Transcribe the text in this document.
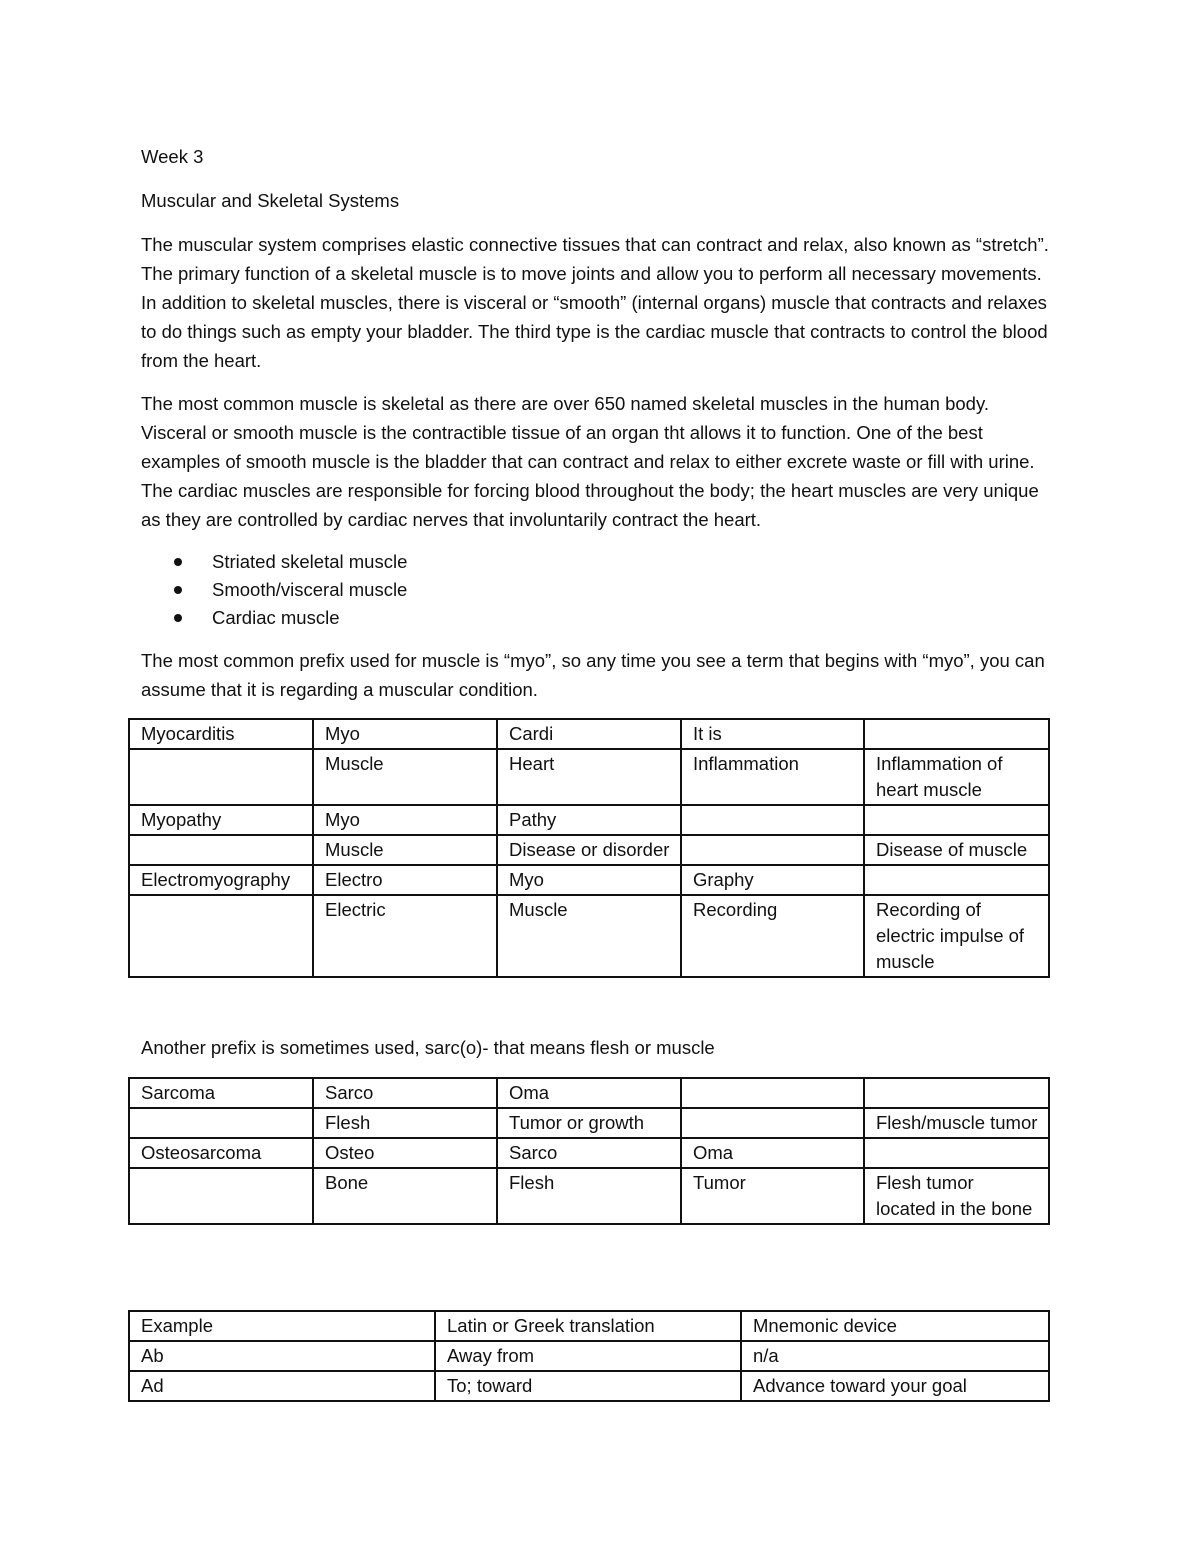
Week 3

Muscular and Skeletal Systems

The muscular system comprises elastic connective tissues that can contract and relax, also known as “stretch”. The primary function of a skeletal muscle is to move joints and allow you to perform all necessary movements. In addition to skeletal muscles, there is visceral or “smooth” (internal organs) muscle that contracts and relaxes to do things such as empty your bladder. The third type is the cardiac muscle that contracts to control the blood from the heart.

The most common muscle is skeletal as there are over 650 named skeletal muscles in the human body. Visceral or smooth muscle is the contractible tissue of an organ tht allows it to function. One of the best examples of smooth muscle is the bladder that can contract and relax to either excrete waste or fill with urine. The cardiac muscles are responsible for forcing blood throughout the body; the heart muscles are very unique as they are controlled by cardiac nerves that involuntarily contract the heart.

Striated skeletal muscle
Smooth/visceral muscle
Cardiac muscle

The most common prefix used for muscle is “myo”, so any time you see a term that begins with “myo”, you can assume that it is regarding a muscular condition.

Myocarditis	Myo	Cardi	It is	
	Muscle	Heart	Inflammation	Inflammation of heart muscle
Myopathy	Myo	Pathy		
	Muscle	Disease or disorder		Disease of muscle
Electromyography	Electro	Myo	Graphy	
	Electric	Muscle	Recording	Recording of electric impulse of muscle

Another prefix is sometimes used, sarc(o)- that means flesh or muscle

Sarcoma	Sarco	Oma		
	Flesh	Tumor or growth		Flesh/muscle tumor
Osteosarcoma	Osteo	Sarco	Oma	
	Bone	Flesh	Tumor	Flesh tumor located in the bone
Example	Latin or Greek translation	Mnemonic device
Ab	Away from	n/a
Ad	To; toward	Advance toward your goal
